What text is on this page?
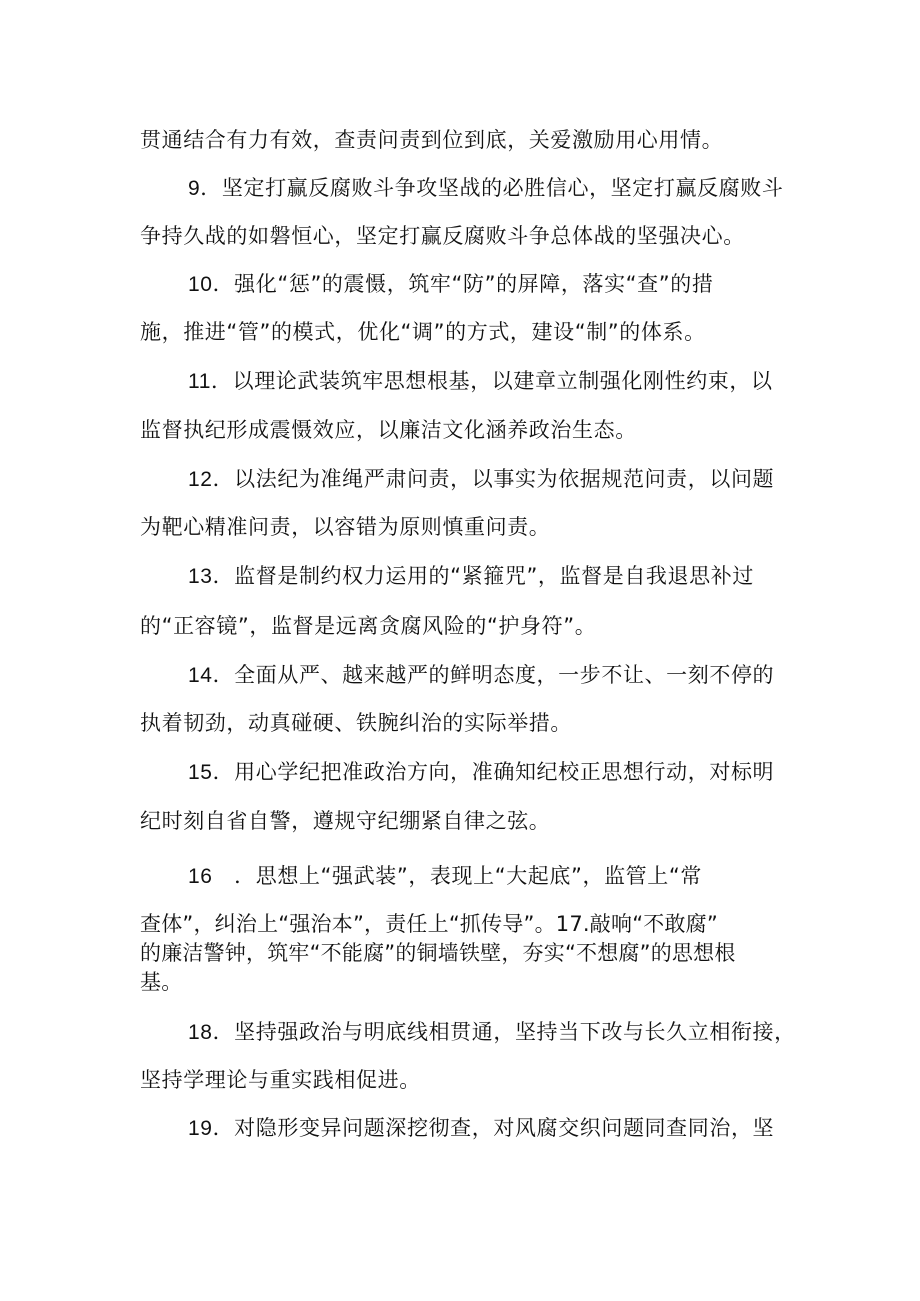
贯通结合有力有效，查责问责到位到底，关爱激励用心用情。
9．坚定打赢反腐败斗争攻坚战的必胜信心，坚定打赢反腐败斗
争持久战的如磐恒心，坚定打赢反腐败斗争总体战的坚强决心。
10．强化“惩”的震慑，筑牢“防”的屏障，落实“查”的措
施，推进“管”的模式，优化“调”的方式，建设“制”的体系。
11．以理论武装筑牢思想根基，以建章立制强化刚性约束，以
监督执纪形成震慑效应，以廉洁文化涵养政治生态。
12．以法纪为准绳严肃问责，以事实为依据规范问责，以问题
为靶心精准问责，以容错为原则慎重问责。
13．监督是制约权力运用的“紧箍咒”，监督是自我退思补过
的“正容镜”，监督是远离贪腐风险的“护身符”。
14．全面从严、越来越严的鲜明态度，一步不让、一刻不停的
执着韧劲，动真碰硬、铁腕纠治的实际举措。
15．用心学纪把准政治方向，准确知纪校正思想行动，对标明
纪时刻自省自警，遵规守纪绷紧自律之弦。
16　．思想上“强武装”，表现上“大起底”，监管上“常
查体”，纠治上“强治本”，责任上“抓传导”。17.敲响“不敢腐”
的廉洁警钟，筑牢“不能腐”的铜墙铁壁，夯实“不想腐”的思想根
基。
18．坚持强政治与明底线相贯通，坚持当下改与长久立相衔接，
坚持学理论与重实践相促进。
19．对隐形变异问题深挖彻查，对风腐交织问题同查同治，坚
